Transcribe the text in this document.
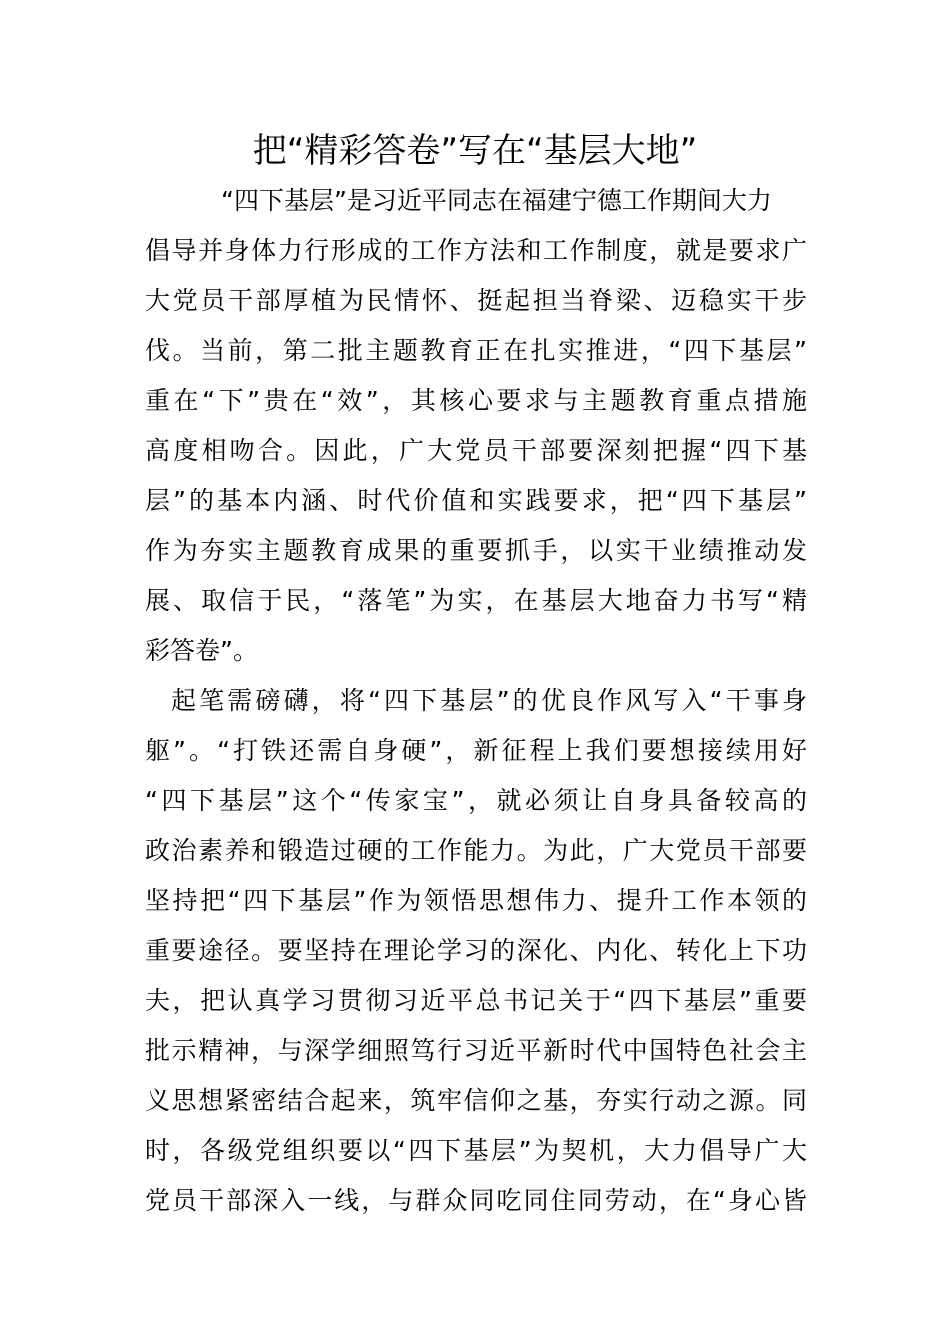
把“精彩答卷”写在“基层大地”
“四下基层”是习近平同志在福建宁德工作期间大力
倡导并身体力行形成的工作方法和工作制度，就是要求广
大党员干部厚植为民情怀、挺起担当脊梁、迈稳实干步
伐。当前，第二批主题教育正在扎实推进，“四下基层”
重在“下”贵在“效”，其核心要求与主题教育重点措施
高度相吻合。因此，广大党员干部要深刻把握“四下基
层”的基本内涵、时代价值和实践要求，把“四下基层”
作为夯实主题教育成果的重要抓手，以实干业绩推动发
展、取信于民，“落笔”为实，在基层大地奋力书写“精
彩答卷”。
起笔需磅礴，将“四下基层”的优良作风写入“干事身
躯”。“打铁还需自身硬”，新征程上我们要想接续用好
“四下基层”这个“传家宝”，就必须让自身具备较高的
政治素养和锻造过硬的工作能力。为此，广大党员干部要
坚持把“四下基层”作为领悟思想伟力、提升工作本领的
重要途径。要坚持在理论学习的深化、内化、转化上下功
夫，把认真学习贯彻习近平总书记关于“四下基层”重要
批示精神，与深学细照笃行习近平新时代中国特色社会主
义思想紧密结合起来，筑牢信仰之基，夯实行动之源。同
时，各级党组织要以“四下基层”为契机，大力倡导广大
党员干部深入一线，与群众同吃同住同劳动，在“身心皆
